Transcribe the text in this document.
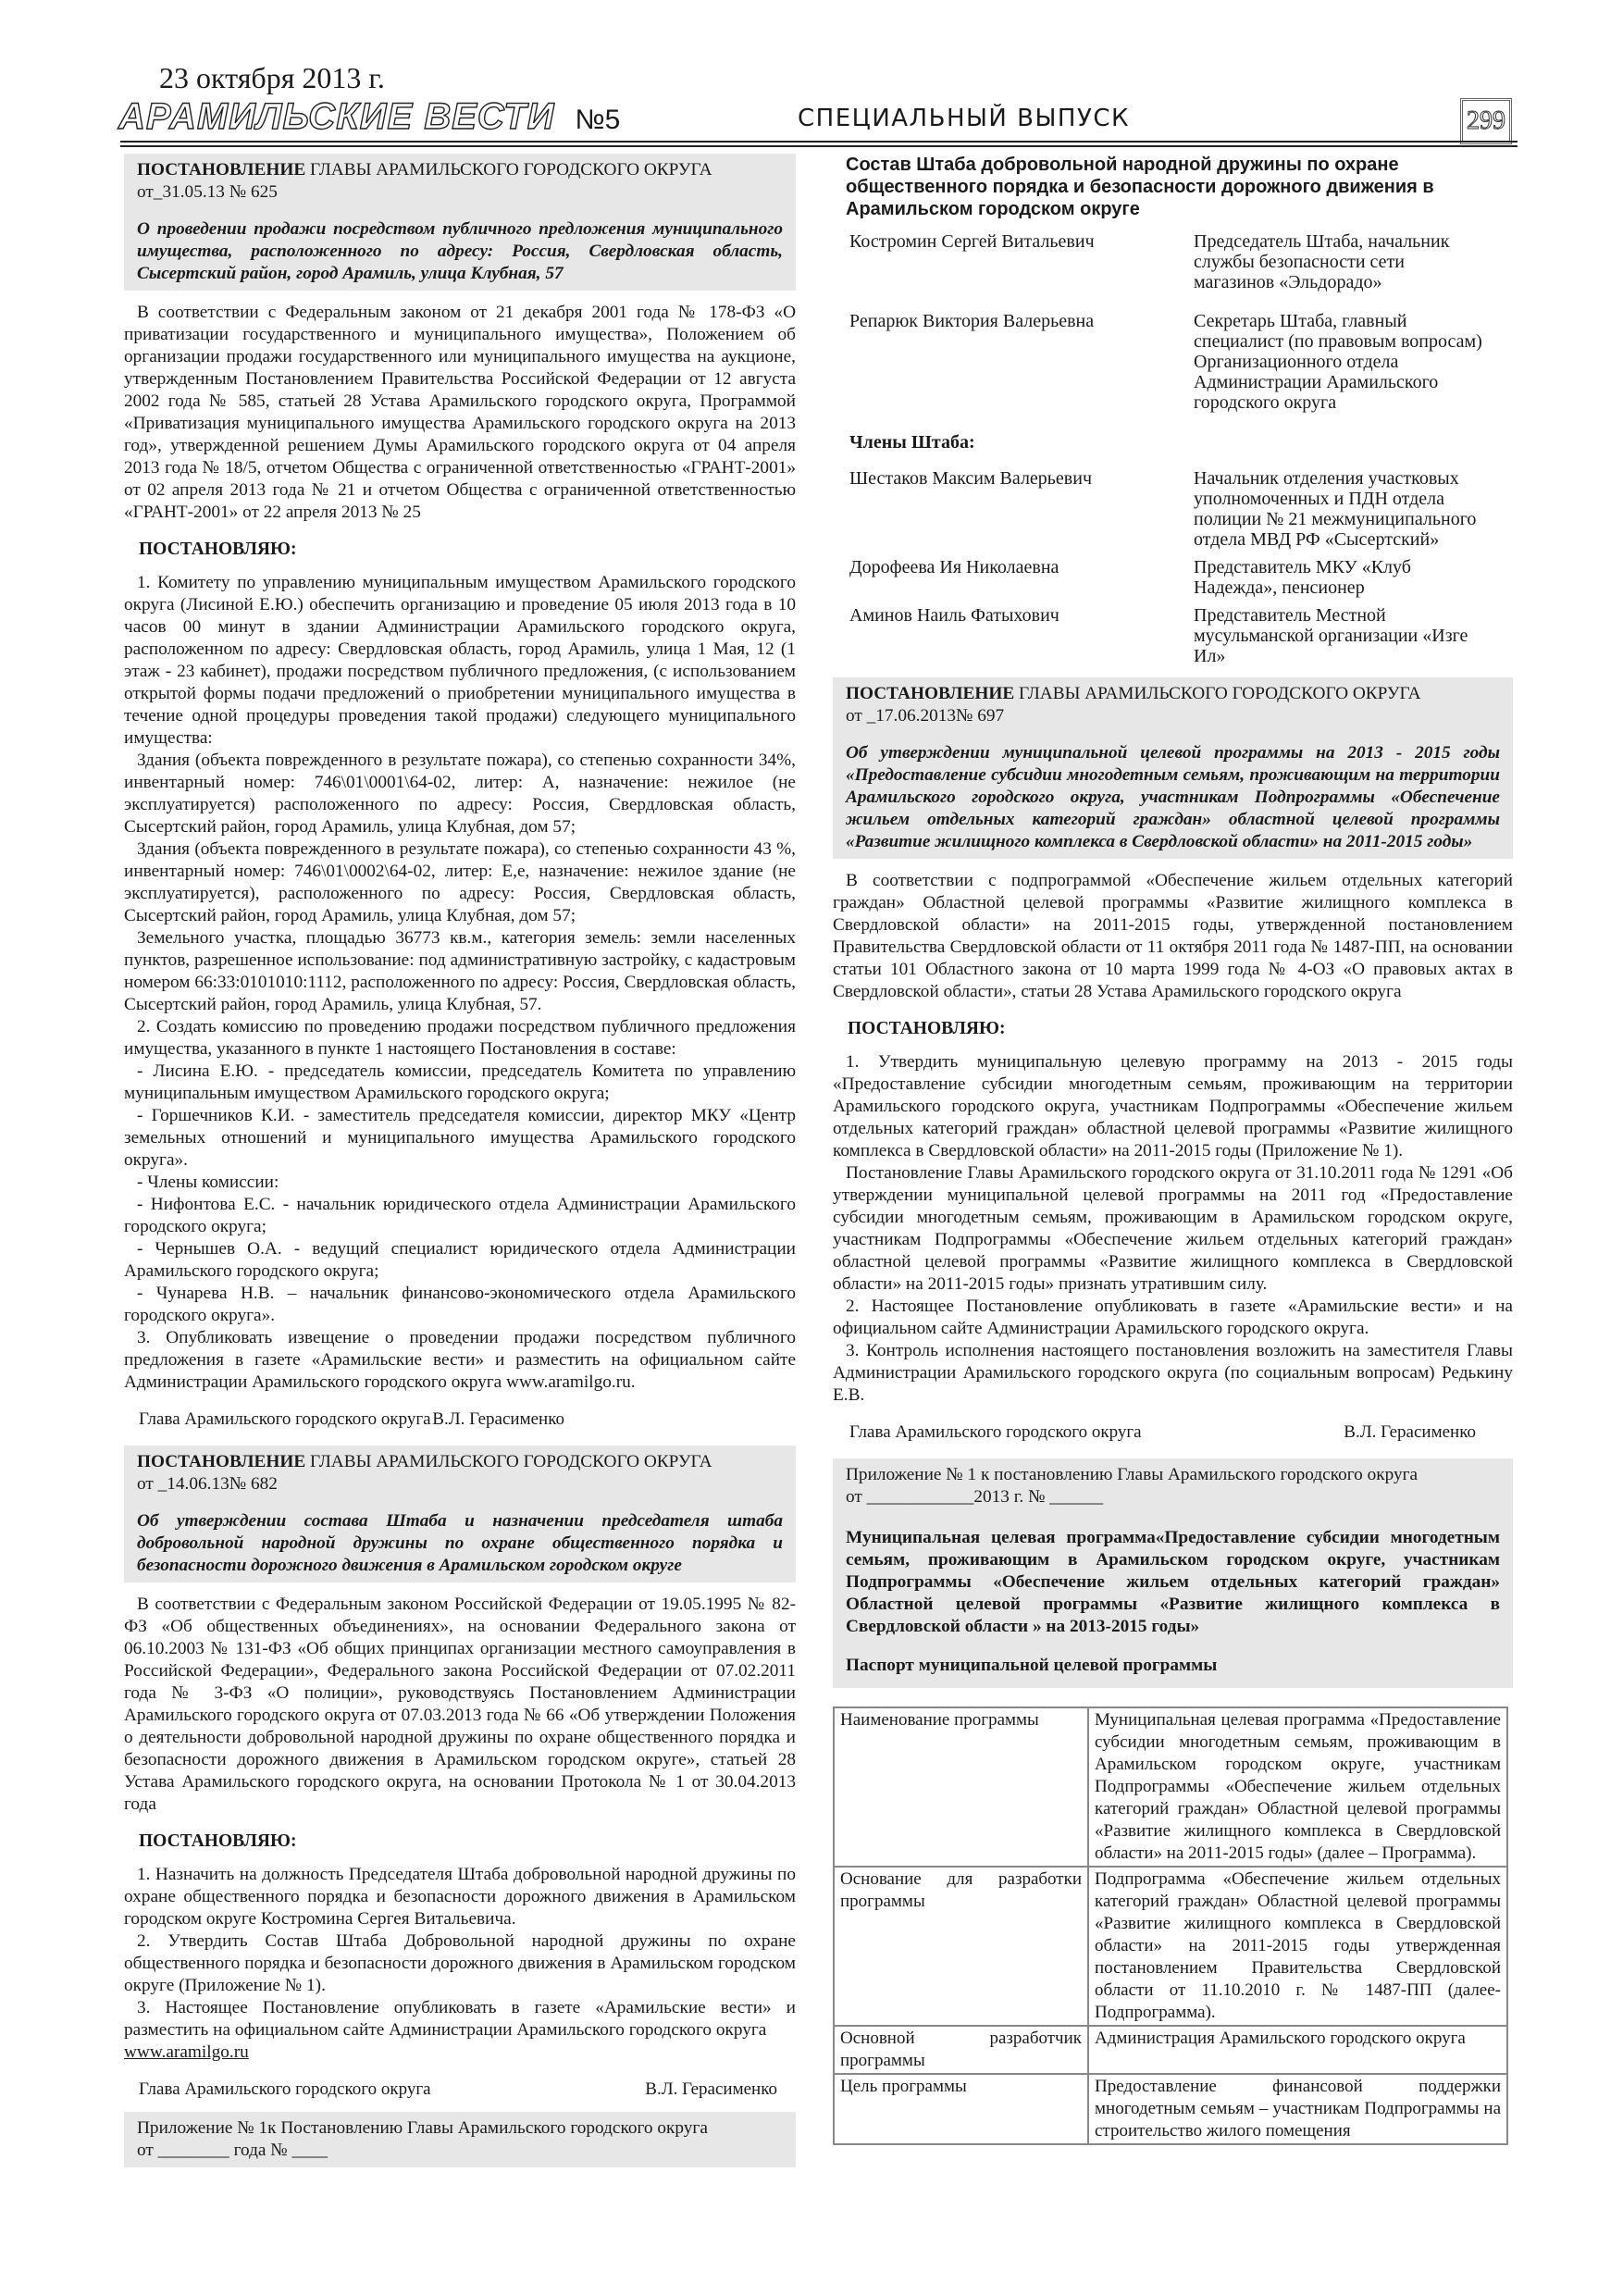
23 октября 2013 г.
АРАМИЛЬСКИЕ ВЕСТИ №5	СПЕЦИАЛЬНЫЙ ВЫПУСК	299
ПОСТАНОВЛЕНИЕ ГЛАВЫ АРАМИЛЬСКОГО ГОРОДСКОГО ОКРУГА
от_31.05.13 № 625
О проведении продажи посредством публичного предложения муниципального имущества, расположенного по адресу: Россия, Свердловская область, Сысертский район, город Арамиль, улица Клубная, 57

В соответствии с Федеральным законом от 21 декабря 2001 года № 178-ФЗ «О приватизации государственного и муниципального имущества», Положением об организации продажи государственного или муниципального имущества на аукционе, утвержденным Постановлением Правительства Российской Федерации от 12 августа 2002 года № 585, статьей 28 Устава Арамильского городского округа, Программой «Приватизация муниципального имущества Арамильского городского округа на 2013 год», утвержденной решением Думы Арамильского городского округа от 04 апреля 2013 года № 18/5, отчетом Общества с ограниченной ответственностью «ГРАНТ-2001» от 02 апреля 2013 года № 21 и отчетом Общества с ограниченной ответственностью «ГРАНТ-2001» от 22 апреля 2013 № 25

ПОСТАНОВЛЯЮ:

1. Комитету по управлению муниципальным имуществом Арамильского городского округа (Лисиной Е.Ю.) обеспечить организацию и проведение 05 июля 2013 года в 10 часов 00 минут в здании Администрации Арамильского городского округа, расположенном по адресу: Свердловская область, город Арамиль, улица 1 Мая, 12 (1 этаж - 23 кабинет), продажи посредством публичного предложения, (с использованием открытой формы подачи предложений о приобретении муниципального имущества в течение одной процедуры проведения такой продажи) следующего муниципального имущества:

Здания (объекта поврежденного в результате пожара), со степенью сохранности 34%, инвентарный номер: 746\01\0001\64-02, литер: А, назначение: нежилое (не эксплуатируется) расположенного по адресу: Россия, Свердловская область, Сысертский район, город Арамиль, улица Клубная, дом 57;

Здания (объекта поврежденного в результате пожара), со степенью сохранности 43 %, инвентарный номер: 746\01\0002\64-02, литер: Е,е, назначение: нежилое здание (не эксплуатируется), расположенного по адресу: Россия, Свердловская область, Сысертский район, город Арамиль, улица Клубная, дом 57;

Земельного участка, площадью 36773 кв.м., категория земель: земли населенных пунктов, разрешенное использование: под административную застройку, с кадастровым номером 66:33:0101010:1112, расположенного по адресу: Россия, Свердловская область, Сысертский район, город Арамиль, улица Клубная, 57.

2. Создать комиссию по проведению продажи посредством публичного предложения имущества, указанного в пункте 1 настоящего Постановления в составе:

- Лисина Е.Ю. - председатель комиссии, председатель Комитета по управлению муниципальным имуществом Арамильского городского округа;

- Горшечников К.И. - заместитель председателя комиссии, директор МКУ «Центр земельных отношений и муниципального имущества Арамильского городского округа».

- Члены комиссии:

- Нифонтова Е.С. - начальник юридического отдела Администрации Арамильского городского округа;

- Чернышев О.А. - ведущий специалист юридического отдела Администрации Арамильского городского округа;

- Чунарева Н.В. – начальник финансово-экономического отдела Арамильского городского округа».

3. Опубликовать извещение о проведении продажи посредством публичного предложения в газете «Арамильские вести» и разместить на официальном сайте Администрации Арамильского городского округа www.aramilgo.ru.

Глава Арамильского городского округа В.Л. Герасименко
ПОСТАНОВЛЕНИЕ ГЛАВЫ АРАМИЛЬСКОГО ГОРОДСКОГО ОКРУГА
от _14.06.13№ 682
Об утверждении состава Штаба и назначении председателя штаба добровольной народной дружины по охране общественного порядка и безопасности дорожного движения в Арамильском городском округе

В соответствии с Федеральным законом Российской Федерации от 19.05.1995 № 82-ФЗ «Об общественных объединениях», на основании Федерального закона от 06.10.2003 № 131-ФЗ «Об общих принципах организации местного самоуправления в Российской Федерации», Федерального закона Российской Федерации от 07.02.2011 года № 3-ФЗ «О полиции», руководствуясь Постановлением Администрации Арамильского городского округа от 07.03.2013 года № 66 «Об утверждении Положения о деятельности добровольной народной дружины по охране общественного порядка и безопасности дорожного движения в Арамильском городском округе», статьей 28 Устава Арамильского городского округа, на основании Протокола № 1 от 30.04.2013 года

ПОСТАНОВЛЯЮ:

1. Назначить на должность Председателя Штаба добровольной народной дружины по охране общественного порядка и безопасности дорожного движения в Арамильском городском округе Костромина Сергея Витальевича.

2. Утвердить Состав Штаба Добровольной народной дружины по охране общественного порядка и безопасности дорожного движения в Арамильском городском округе (Приложение № 1).

3. Настоящее Постановление опубликовать в газете «Арамильские вести» и разместить на официальном сайте Администрации Арамильского городского округа

www.aramilgo.ru
Глава Арамильского городского округа	В.Л. Герасименко
Приложение № 1к Постановлению Главы Арамильского городского округа
от ________ года № ____
Состав Штаба добровольной народной дружины по охране общественного порядка и безопасности дорожного движения в Арамильском городском округе
Костромин Сергей Витальевич	Председатель Штаба, начальник службы безопасности сети магазинов «Эльдорадо»
Репарюк Виктория Валерьевна	Секретарь Штаба, главный специалист (по правовым вопросам) Организационного отдела Администрации Арамильского городского округа
Члены Штаба:
Шестаков Максим Валерьевич	Начальник отделения участковых уполномоченных и ПДН отдела полиции № 21 межмуниципального отдела МВД РФ «Сысертский»
Дорофеева Ия Николаевна	Представитель МКУ «Клуб Надежда», пенсионер
Аминов Наиль Фатыхович	Представитель Местной мусульманской организации «Изге Ил»
ПОСТАНОВЛЕНИЕ ГЛАВЫ АРАМИЛЬСКОГО ГОРОДСКОГО ОКРУГА
от _17.06.2013№ 697
Об утверждении муниципальной целевой программы на 2013 - 2015 годы «Предоставление субсидии многодетным семьям, проживающим на территории Арамильского городского округа, участникам Подпрограммы «Обеспечение жильем отдельных категорий граждан» областной целевой программы «Развитие жилищного комплекса в Свердловской области» на 2011-2015 годы»

В соответствии с подпрограммой «Обеспечение жильем отдельных категорий граждан» Областной целевой программы «Развитие жилищного комплекса в Свердловской области» на 2011-2015 годы, утвержденной постановлением Правительства Свердловской области от 11 октября 2011 года № 1487-ПП, на основании статьи 101 Областного закона от 10 марта 1999 года № 4-ОЗ «О правовых актах в Свердловской области», статьи 28 Устава Арамильского городского округа

ПОСТАНОВЛЯЮ:

1. Утвердить муниципальную целевую программу на 2013 - 2015 годы «Предоставление субсидии многодетным семьям, проживающим на территории Арамильского городского округа, участникам Подпрограммы «Обеспечение жильем отдельных категорий граждан» областной целевой программы «Развитие жилищного комплекса в Свердловской области» на 2011-2015 годы (Приложение № 1).

Постановление Главы Арамильского городского округа от 31.10.2011 года № 1291 «Об утверждении муниципальной целевой программы на 2011 год «Предоставление субсидии многодетным семьям, проживающим в Арамильском городском округе, участникам Подпрограммы «Обеспечение жильем отдельных категорий граждан» областной целевой программы «Развитие жилищного комплекса в Свердловской области» на 2011-2015 годы» признать утратившим силу.

2. Настоящее Постановление опубликовать в газете «Арамильские вести» и на официальном сайте Администрации Арамильского городского округа.

3. Контроль исполнения настоящего постановления возложить на заместителя Главы Администрации Арамильского городского округа (по социальным вопросам) Редькину Е.В.

Глава Арамильского городского округа	В.Л. Герасименко
Приложение № 1 к постановлению Главы Арамильского городского округа
от ____________2013 г. № ______
Муниципальная целевая программа«Предоставление субсидии многодетным семьям, проживающим в Арамильском городском округе, участникам Подпрограммы «Обеспечение жильем отдельных категорий граждан» Областной целевой программы «Развитие жилищного комплекса в Свердловской области » на 2013-2015 годы»
Паспорт муниципальной целевой программы
Наименование программы	Муниципальная целевая программа «Предоставление субсидии многодетным семьям, проживающим в Арамильском городском округе, участникам Подпрограммы «Обеспечение жильем отдельных категорий граждан» Областной целевой программы «Развитие жилищного комплекса в Свердловской области» на 2011-2015 годы» (далее – Программа).
Основание для разработки программы	Подпрограмма «Обеспечение жильем отдельных категорий граждан» Областной целевой программы «Развитие жилищного комплекса в Свердловской области» на 2011-2015 годы утвержденная постановлением Правительства Свердловской области от 11.10.2010 г. № 1487-ПП (далее- Подпрограмма).
Основной разработчик программы	Администрация Арамильского городского округа
Цель программы	Предоставление финансовой поддержки многодетным семьям – участникам Подпрограммы на строительство жилого помещения
